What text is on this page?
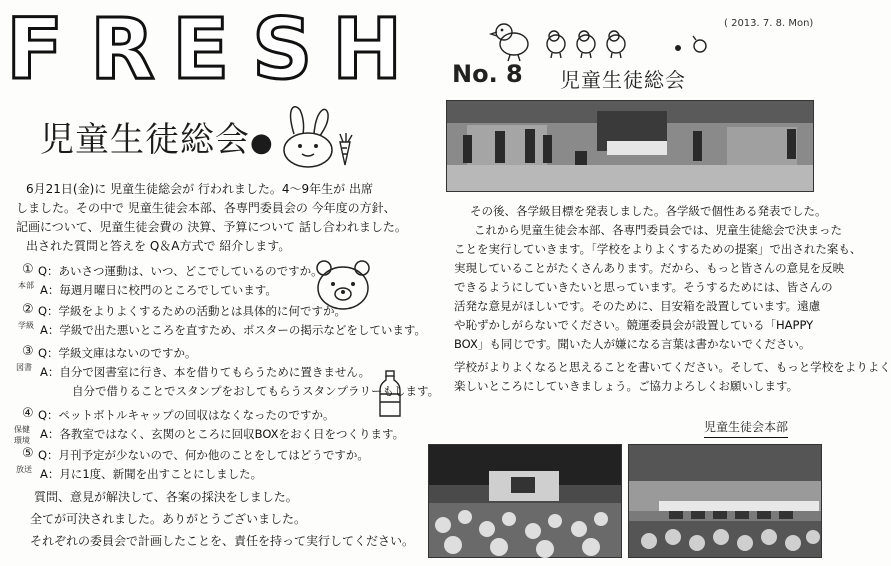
F R E S H	( 2013. 7. 8. Mon)
No. 8 児童生徒総会
児童生徒総会●
6月21日(金)に 児童生徒総会が 行われました。4～9年生が 出席
しました。その中で 児童生徒会本部、各専門委員会の 今年度の方針、
記画について、児童生徒会費の 決算、予算について 話し合われました。
出された質問と答えを Q＆A方式で 紹介します。
①
本部
Q：あいさつ運動は、いつ、どこでしているのですか。
A：毎週月曜日に校門のところでしています。
②
学級
Q：学級をよりよくするための活動とは具体的に何ですか。
A：学級で出た悪いところを直すため、ポスターの掲示などをしています。
③
図書
Q：学級文庫はないのですか。
A：自分で図書室に行き、本を借りてもらうために置きません。
自分で借りることでスタンプをおしてもらうスタンプラリーもします。
④
保健環境
Q：ペットボトルキャップの回収はなくなったのですか。
A：各教室ではなく、玄関のところに回収BOXをおく日をつくります。
⑤
放送
Q：月刊予定が少ないので、何か他のことをしてはどうですか。
A：月に1度、新聞を出すことにしました。
質問、意見が解決して、各案の採決をしました。
全てが可決されました。ありがとうございました。
それぞれの委員会で計画したことを、責任を持って実行してください。
その後、各学級目標を発表しました。各学級で個性ある発表でした。
これから児童生徒会本部、各専門委員会では、児童生徒総会で決まった
ことを実行していきます。「学校をよりよくするための提案」で出された案も、
実現していることがたくさんあります。だから、もっと皆さんの意見を反映
できるようにしていきたいと思っています。そうするためには、皆さんの
活発な意見がほしいです。そのために、目安箱を設置しています。遠慮
や恥ずかしがらないでください。競運委員会が設置している「HAPPY
BOX」も同じです。聞いた人が嫌になる言葉は書かないでください。
学校がよりよくなると思えることを書いてください。そして、もっと学校をよりよく
楽しいところにしていきましょう。ご協力よろしくお願いします。
児童生徒会本部
